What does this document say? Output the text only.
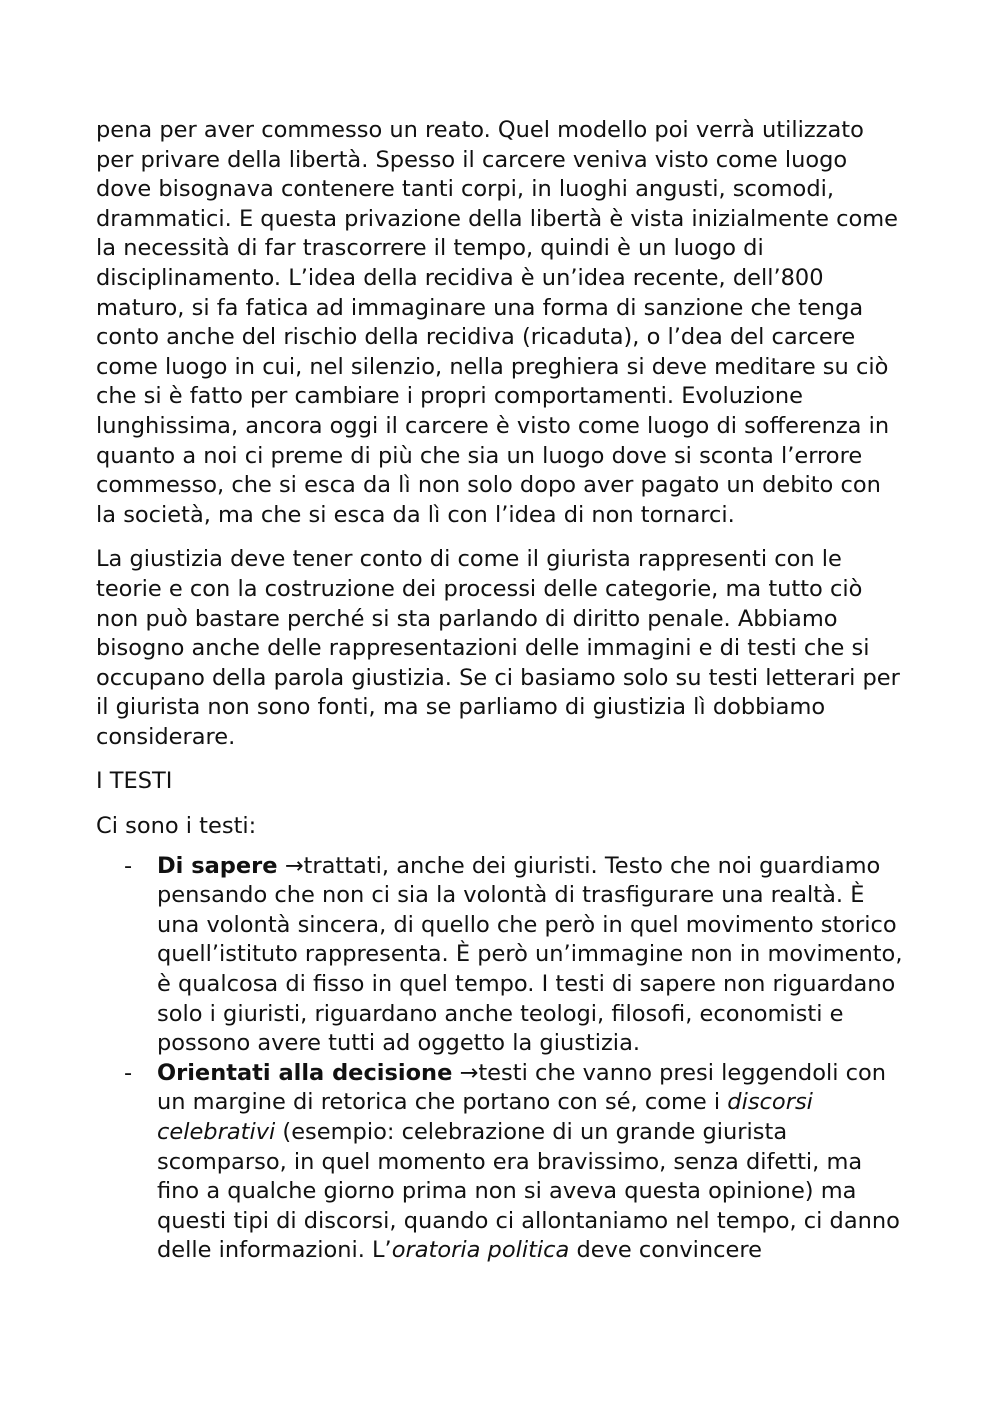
pena per aver commesso un reato. Quel modello poi verrà utilizzato per privare della libertà. Spesso il carcere veniva visto come luogo dove bisognava contenere tanti corpi, in luoghi angusti, scomodi, drammatici. E questa privazione della libertà è vista inizialmente come la necessità di far trascorrere il tempo, quindi è un luogo di disciplinamento. L’idea della recidiva è un’idea recente, dell’800 maturo, si fa fatica ad immaginare una forma di sanzione che tenga conto anche del rischio della recidiva (ricaduta), o l’dea del carcere come luogo in cui, nel silenzio, nella preghiera si deve meditare su ciò che si è fatto per cambiare i propri comportamenti. Evoluzione lunghissima, ancora oggi il carcere è visto come luogo di sofferenza in quanto a noi ci preme di più che sia un luogo dove si sconta l’errore commesso, che si esca da lì non solo dopo aver pagato un debito con la società, ma che si esca da lì con l’idea di non tornarci.

La giustizia deve tener conto di come il giurista rappresenti con le teorie e con la costruzione dei processi delle categorie, ma tutto ciò non può bastare perché si sta parlando di diritto penale. Abbiamo bisogno anche delle rappresentazioni delle immagini e di testi che si occupano della parola giustizia. Se ci basiamo solo su testi letterari per il giurista non sono fonti, ma se parliamo di giustizia lì dobbiamo considerare.

I TESTI

Ci sono i testi:

- Di sapere →trattati, anche dei giuristi. Testo che noi guardiamo pensando che non ci sia la volontà di trasfigurare una realtà. È una volontà sincera, di quello che però in quel movimento storico quell’istituto rappresenta. È però un’immagine non in movimento, è qualcosa di fisso in quel tempo. I testi di sapere non riguardano solo i giuristi, riguardano anche teologi, filosofi, economisti e possono avere tutti ad oggetto la giustizia.
- Orientati alla decisione →testi che vanno presi leggendoli con un margine di retorica che portano con sé, come i discorsi celebrativi (esempio: celebrazione di un grande giurista scomparso, in quel momento era bravissimo, senza difetti, ma fino a qualche giorno prima non si aveva questa opinione) ma questi tipi di discorsi, quando ci allontaniamo nel tempo, ci danno delle informazioni. L’oratoria politica deve convincere
